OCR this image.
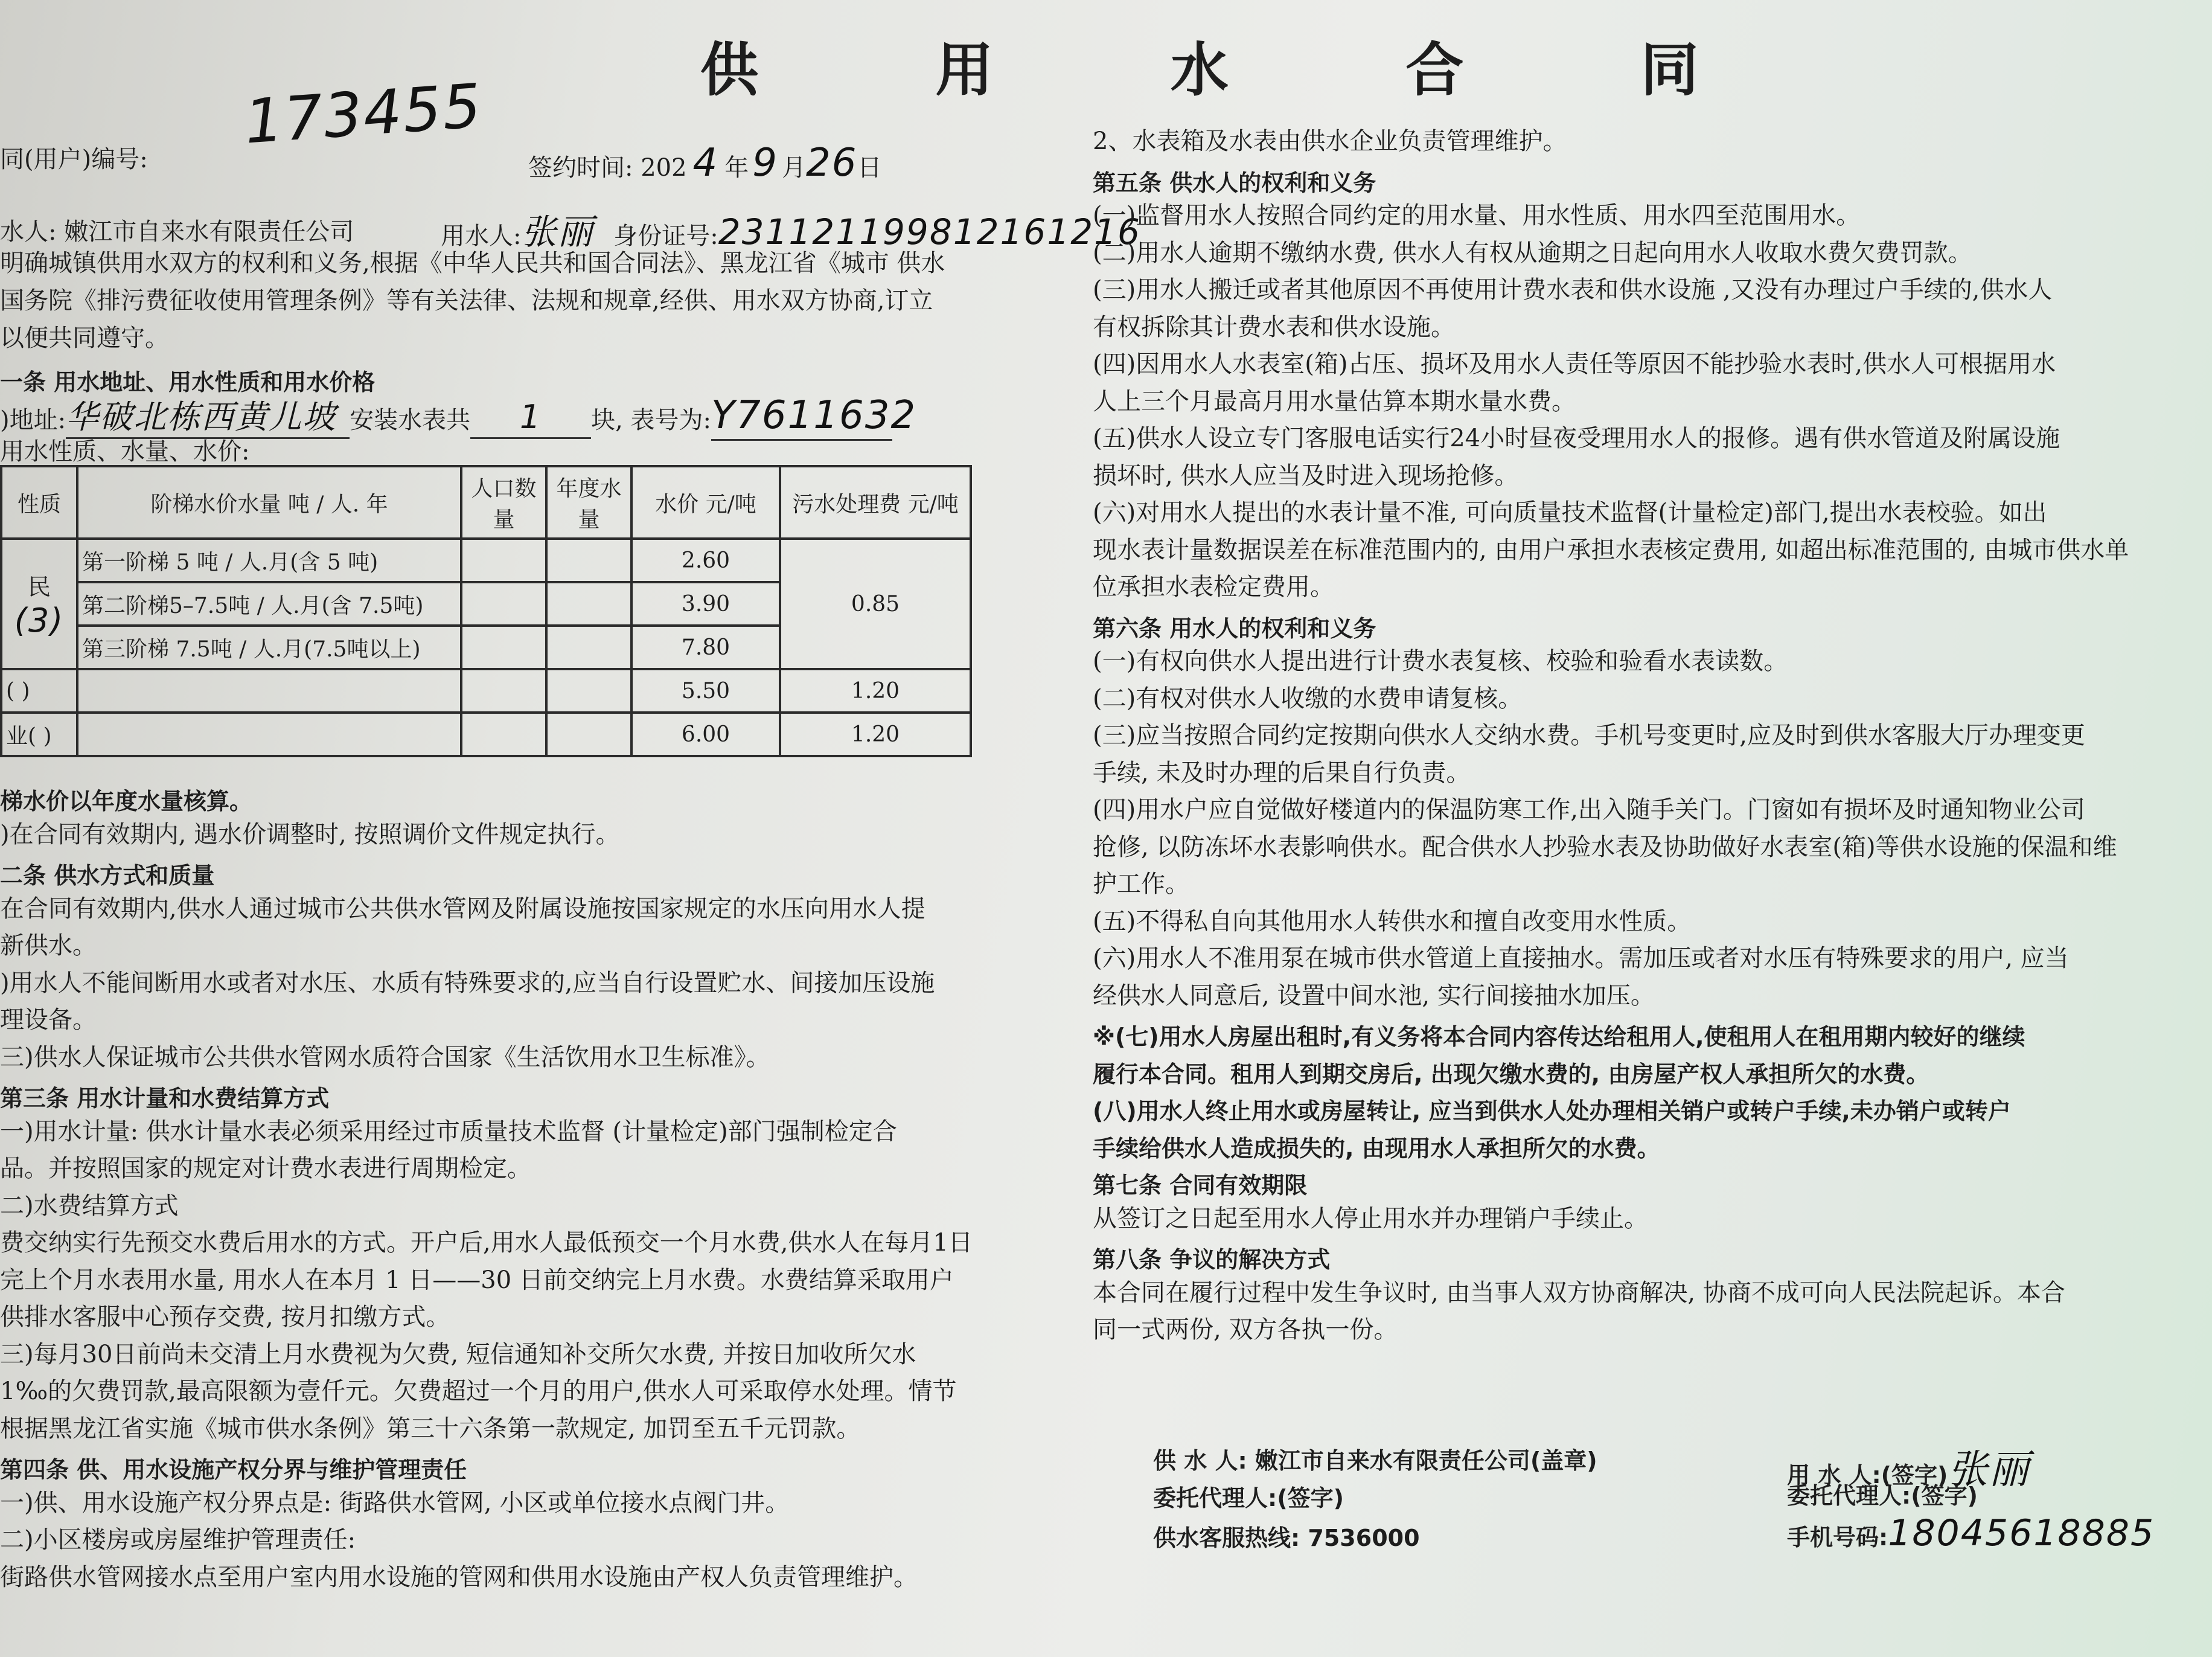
供 用 水 合 同
173455
同(用户)编号:	签约时间: 202 4 年9 月26日
水人: 嫩江市自来水有限责任公司	用水人:张丽 身份证号:231121199812161216
明确城镇供用水双方的权利和义务,根据《中华人民共和国合同法》、黑龙江省《城市 供水
国务院《排污费征收使用管理条例》等有关法律、法规和规章,经供、用水双方协商,订立
以便共同遵守。
一条 用水地址、用水性质和用水价格
)地址:华破北栋西黄儿坡 安装水表共 1 块, 表号为:Y7611632
用水性质、水量、水价:
性质	阶梯水价水量 吨 / 人. 年	人口数量	年度水量	水价 元/吨	污水处理费 元/吨

民
(3)	第一阶梯 5 吨 / 人.月(含 5 吨)			2.60	0.85
	第二阶梯5–7.5吨 / 人.月(含 7.5吨)			3.90	
	第三阶梯 7.5吨 / 人.月(7.5吨以上)			7.80	
( )				5.50	1.20
业( )				6.00	1.20
梯水价以年度水量核算。
)在合同有效期内, 遇水价调整时, 按照调价文件规定执行。
二条 供水方式和质量
在合同有效期内,供水人通过城市公共供水管网及附属设施按国家规定的水压向用水人提
新供水。
)用水人不能间断用水或者对水压、水质有特殊要求的,应当自行设置贮水、间接加压设施
理设备。
三)供水人保证城市公共供水管网水质符合国家《生活饮用水卫生标准》。
第三条 用水计量和水费结算方式
一)用水计量: 供水计量水表必须采用经过市质量技术监督 (计量检定)部门强制检定合
品。并按照国家的规定对计费水表进行周期检定。
二)水费结算方式
费交纳实行先预交水费后用水的方式。开户后,用水人最低预交一个月水费,供水人在每月1日
完上个月水表用水量, 用水人在本月 1 日——30 日前交纳完上月水费。水费结算采取用户
供排水客服中心预存交费, 按月扣缴方式。
三)每月30日前尚未交清上月水费视为欠费, 短信通知补交所欠水费, 并按日加收所欠水
1‰的欠费罚款,最高限额为壹仟元。欠费超过一个月的用户,供水人可采取停水处理。情节
根据黑龙江省实施《城市供水条例》第三十六条第一款规定, 加罚至五千元罚款。
第四条 供、用水设施产权分界与维护管理责任
一)供、用水设施产权分界点是: 街路供水管网, 小区或单位接水点阀门井。
二)小区楼房或房屋维护管理责任:
街路供水管网接水点至用户室内用水设施的管网和供用水设施由产权人负责管理维护。
2、水表箱及水表由供水企业负责管理维护。
第五条 供水人的权利和义务
(一)监督用水人按照合同约定的用水量、用水性质、用水四至范围用水。
(二)用水人逾期不缴纳水费, 供水人有权从逾期之日起向用水人收取水费欠费罚款。
(三)用水人搬迁或者其他原因不再使用计费水表和供水设施 ,又没有办理过户手续的,供水人
有权拆除其计费水表和供水设施。
(四)因用水人水表室(箱)占压、损坏及用水人责任等原因不能抄验水表时,供水人可根据用水
人上三个月最高月用水量估算本期水量水费。
(五)供水人设立专门客服电话实行24小时昼夜受理用水人的报修。遇有供水管道及附属设施
损坏时, 供水人应当及时进入现场抢修。
(六)对用水人提出的水表计量不准, 可向质量技术监督(计量检定)部门,提出水表校验。如出
现水表计量数据误差在标准范围内的, 由用户承担水表核定费用, 如超出标准范围的, 由城市供水单
位承担水表检定费用。
第六条 用水人的权利和义务
(一)有权向供水人提出进行计费水表复核、校验和验看水表读数。
(二)有权对供水人收缴的水费申请复核。
(三)应当按照合同约定按期向供水人交纳水费。手机号变更时,应及时到供水客服大厅办理变更
手续, 未及时办理的后果自行负责。
(四)用水户应自觉做好楼道内的保温防寒工作,出入随手关门。门窗如有损坏及时通知物业公司
抢修, 以防冻坏水表影响供水。配合供水人抄验水表及协助做好水表室(箱)等供水设施的保温和维
护工作。
(五)不得私自向其他用水人转供水和擅自改变用水性质。
(六)用水人不准用泵在城市供水管道上直接抽水。需加压或者对水压有特殊要求的用户, 应当
经供水人同意后, 设置中间水池, 实行间接抽水加压。
※(七)用水人房屋出租时,有义务将本合同内容传达给租用人,使租用人在租用期内较好的继续
履行本合同。租用人到期交房后, 出现欠缴水费的, 由房屋产权人承担所欠的水费。
(八)用水人终止用水或房屋转让, 应当到供水人处办理相关销户或转户手续,未办销户或转户
手续给供水人造成损失的, 由现用水人承担所欠的水费。
第七条 合同有效期限
从签订之日起至用水人停止用水并办理销户手续止。
第八条 争议的解决方式
本合同在履行过程中发生争议时, 由当事人双方协商解决, 协商不成可向人民法院起诉。本合
同一式两份, 双方各执一份。
供 水 人: 嫩江市自来水有限责任公司(盖章)
委托代理人:(签字)
供水客服热线: 7536000
用 水 人:(签字)张丽
委托代理人:(签字)
手机号码:18045618885
